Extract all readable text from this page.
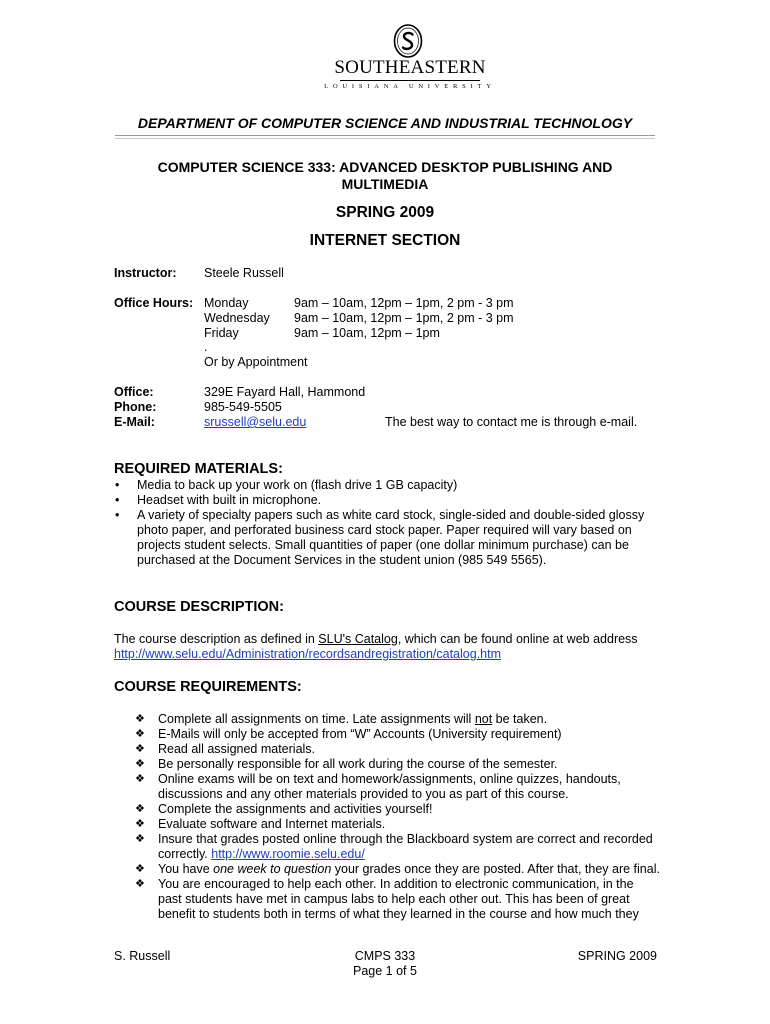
SOUTHEASTERN
LOUISIANA UNIVERSITY
DEPARTMENT OF COMPUTER SCIENCE AND INDUSTRIAL TECHNOLOGY
COMPUTER SCIENCE 333: ADVANCED DESKTOP PUBLISHING AND MULTIMEDIA
SPRING 2009
INTERNET SECTION
Instructor: Steele Russell
Office Hours: Monday	9am – 10am, 12pm – 1pm, 2 pm - 3 pm
Wednesday 9am – 10am, 12pm – 1pm, 2 pm - 3 pm
Friday	9am – 10am, 12pm – 1pm
.
Or by Appointment
Office:	329E Fayard Hall, Hammond
Phone:	985-549-5505
E-Mail:	srussell@selu.edu	The best way to contact me is through e-mail.
REQUIRED MATERIALS:
•	Media to back up your work on (flash drive 1 GB capacity)
•	Headset with built in microphone.
•	A variety of specialty papers such as white card stock, single-sided and double-sided glossy photo paper, and perforated business card stock paper. Paper required will vary based on projects student selects. Small quantities of paper (one dollar minimum purchase) can be purchased at the Document Services in the student union (985 549 5565).
COURSE DESCRIPTION:
The course description as defined in SLU's Catalog, which can be found online at web address
http://www.selu.edu/Administration/recordsandregistration/catalog.htm
COURSE REQUIREMENTS:
❖	Complete all assignments on time. Late assignments will not be taken.
❖	E-Mails will only be accepted from “W” Accounts (University requirement)
❖	Read all assigned materials.
❖	Be personally responsible for all work during the course of the semester.
❖	Online exams will be on text and homework/assignments, online quizzes, handouts, discussions and any other materials provided to you as part of this course.
❖	Complete the assignments and activities yourself!
❖	Evaluate software and Internet materials.
❖	Insure that grades posted online through the Blackboard system are correct and recorded correctly. http://www.roomie.selu.edu/
❖	You have one week to question your grades once they are posted. After that, they are final.
❖	You are encouraged to help each other. In addition to electronic communication, in the past students have met in campus labs to help each other out. This has been of great benefit to students both in terms of what they learned in the course and how much they
S. Russell	CMPS 333
Page 1 of 5
SPRING 2009
